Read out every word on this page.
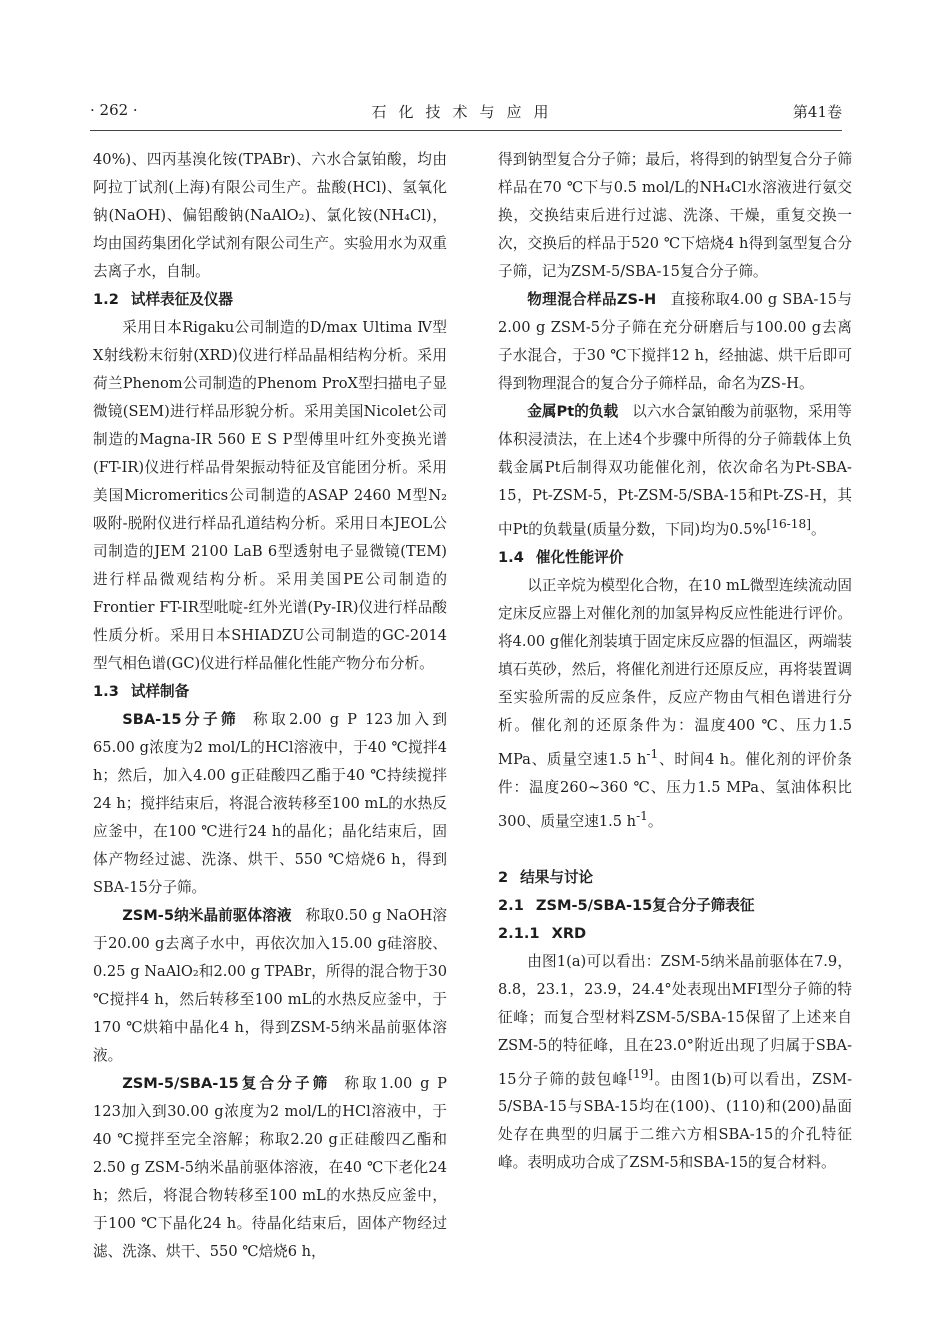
· 262 ·	石化技术与应用	第41卷

40%)、四丙基溴化铵(TPABr)、六水合氯铂酸，均由阿拉丁试剂(上海)有限公司生产。盐酸(HCl)、氢氧化钠(NaOH)、偏铝酸钠(NaAlO₂)、氯化铵(NH₄Cl)，均由国药集团化学试剂有限公司生产。实验用水为双重去离子水，自制。

1.2 试样表征及仪器

采用日本Rigaku公司制造的D/max Ultima Ⅳ型X射线粉末衍射(XRD)仪进行样品晶相结构分析。采用荷兰Phenom公司制造的Phenom ProX型扫描电子显微镜(SEM)进行样品形貌分析。采用美国Nicolet公司制造的Magna-IR 560 E S P型傅里叶红外变换光谱(FT-IR)仪进行样品骨架振动特征及官能团分析。采用美国Micromeritics公司制造的ASAP 2460 M型N₂吸附-脱附仪进行样品孔道结构分析。采用日本JEOL公司制造的JEM 2100 LaB 6型透射电子显微镜(TEM)进行样品微观结构分析。采用美国PE公司制造的Frontier FT-IR型吡啶-红外光谱(Py-IR)仪进行样品酸性质分析。采用日本SHIADZU公司制造的GC-2014型气相色谱(GC)仪进行样品催化性能产物分布分析。

1.3 试样制备

SBA-15分子筛 称取2.00 g P 123加入到65.00 g浓度为2 mol/L的HCl溶液中，于40 ℃搅拌4 h；然后，加入4.00 g正硅酸四乙酯于40 ℃持续搅拌24 h；搅拌结束后，将混合液转移至100 mL的水热反应釜中，在100 ℃进行24 h的晶化；晶化结束后，固体产物经过滤、洗涤、烘干、550 ℃焙烧6 h，得到SBA-15分子筛。

ZSM-5纳米晶前驱体溶液 称取0.50 g NaOH溶于20.00 g去离子水中，再依次加入15.00 g硅溶胶、0.25 g NaAlO₂和2.00 g TPABr，所得的混合物于30 ℃搅拌4 h，然后转移至100 mL的水热反应釜中，于170 ℃烘箱中晶化4 h，得到ZSM-5纳米晶前驱体溶液。

ZSM-5/SBA-15复合分子筛 称取1.00 g P 123加入到30.00 g浓度为2 mol/L的HCl溶液中，于40 ℃搅拌至完全溶解；称取2.20 g正硅酸四乙酯和2.50 g ZSM-5纳米晶前驱体溶液，在40 ℃下老化24 h；然后，将混合物转移至100 mL的水热反应釜中，于100 ℃下晶化24 h。待晶化结束后，固体产物经过滤、洗涤、烘干、550 ℃焙烧6 h，

得到钠型复合分子筛；最后，将得到的钠型复合分子筛样品在70 ℃下与0.5 mol/L的NH₄Cl水溶液进行氨交换，交换结束后进行过滤、洗涤、干燥，重复交换一次，交换后的样品于520 ℃下焙烧4 h得到氢型复合分子筛，记为ZSM-5/SBA-15复合分子筛。

物理混合样品ZS-H 直接称取4.00 g SBA-15与2.00 g ZSM-5分子筛在充分研磨后与100.00 g去离子水混合，于30 ℃下搅拌12 h，经抽滤、烘干后即可得到物理混合的复合分子筛样品，命名为ZS-H。

金属Pt的负载 以六水合氯铂酸为前驱物，采用等体积浸渍法，在上述4个步骤中所得的分子筛载体上负载金属Pt后制得双功能催化剂，依次命名为Pt-SBA-15，Pt-ZSM-5，Pt-ZSM-5/SBA-15和Pt-ZS-H，其中Pt的负载量(质量分数，下同)均为0.5%[16-18]。

1.4 催化性能评价

以正辛烷为模型化合物，在10 mL微型连续流动固定床反应器上对催化剂的加氢异构反应性能进行评价。将4.00 g催化剂装填于固定床反应器的恒温区，两端装填石英砂，然后，将催化剂进行还原反应，再将装置调至实验所需的反应条件，反应产物由气相色谱进行分析。催化剂的还原条件为：温度400 ℃、压力1.5 MPa、质量空速1.5 $h^{-1}$、时间4 h。催化剂的评价条件：温度260~360 ℃、压力1.5 MPa、氢油体积比300、质量空速1.5 $h^{-1}$。

2 结果与讨论
2.1 ZSM-5/SBA-15复合分子筛表征
2.1.1 XRD

由图1(a)可以看出：ZSM-5纳米晶前驱体在7.9，8.8，23.1，23.9，24.4°处表现出MFI型分子筛的特征峰；而复合型材料ZSM-5/SBA-15保留了上述来自ZSM-5的特征峰，且在23.0°附近出现了归属于SBA-15分子筛的鼓包峰[19]。由图1(b)可以看出，ZSM-5/SBA-15与SBA-15均在(100)、(110)和(200)晶面处存在典型的归属于二维六方相SBA-15的介孔特征峰。表明成功合成了ZSM-5和SBA-15的复合材料。
